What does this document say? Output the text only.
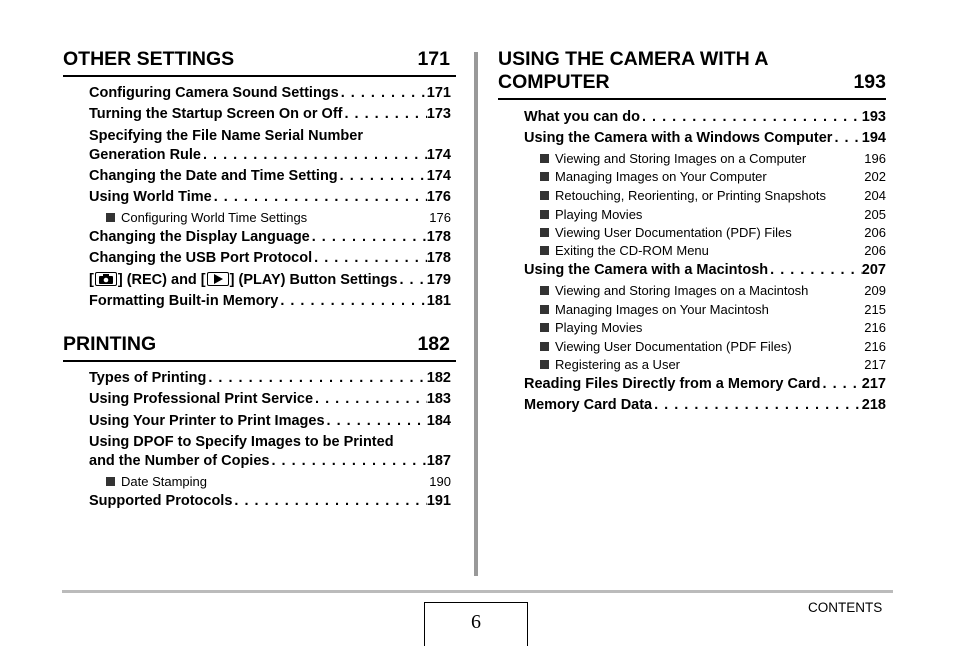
OTHER SETTINGS	171
Configuring Camera Sound Settings . . .	171
Turning the Startup Screen On or Off . . .	173
Specifying the File Name Serial Number
Generation Rule . . .	174
Changing the Date and Time Setting . . .	174
Using World Time . . .	176
Configuring World Time Settings	176
Changing the Display Language . . .	178
Changing the USB Port Protocol . . .	178
[ ] (REC) and [ ] (PLAY) Button Settings . . . 179
Formatting Built-in Memory . . .	181
PRINTING	182
Types of Printing . . .	182
Using Professional Print Service . . .	183
Using Your Printer to Print Images . . .	184
Using DPOF to Specify Images to be Printed
and the Number of Copies . . .	187
Date Stamping	190
Supported Protocols . . .	191
USING THE CAMERA WITH A
COMPUTER	193
What you can do . . .	193
Using the Camera with a Windows Computer . . . 194
Viewing and Storing Images on a Computer	196
Managing Images on Your Computer	202
Retouching, Reorienting, or Printing Snapshots	204
Playing Movies	205
Viewing User Documentation (PDF) Files	206
Exiting the CD-ROM Menu	206
Using the Camera with a Macintosh . . .	207
Viewing and Storing Images on a Macintosh	209
Managing Images on Your Macintosh	215
Playing Movies	216
Viewing User Documentation (PDF Files)	216
Registering as a User	217
Reading Files Directly from a Memory Card . . .	217
Memory Card Data . . .	218
6
CONTENTS
